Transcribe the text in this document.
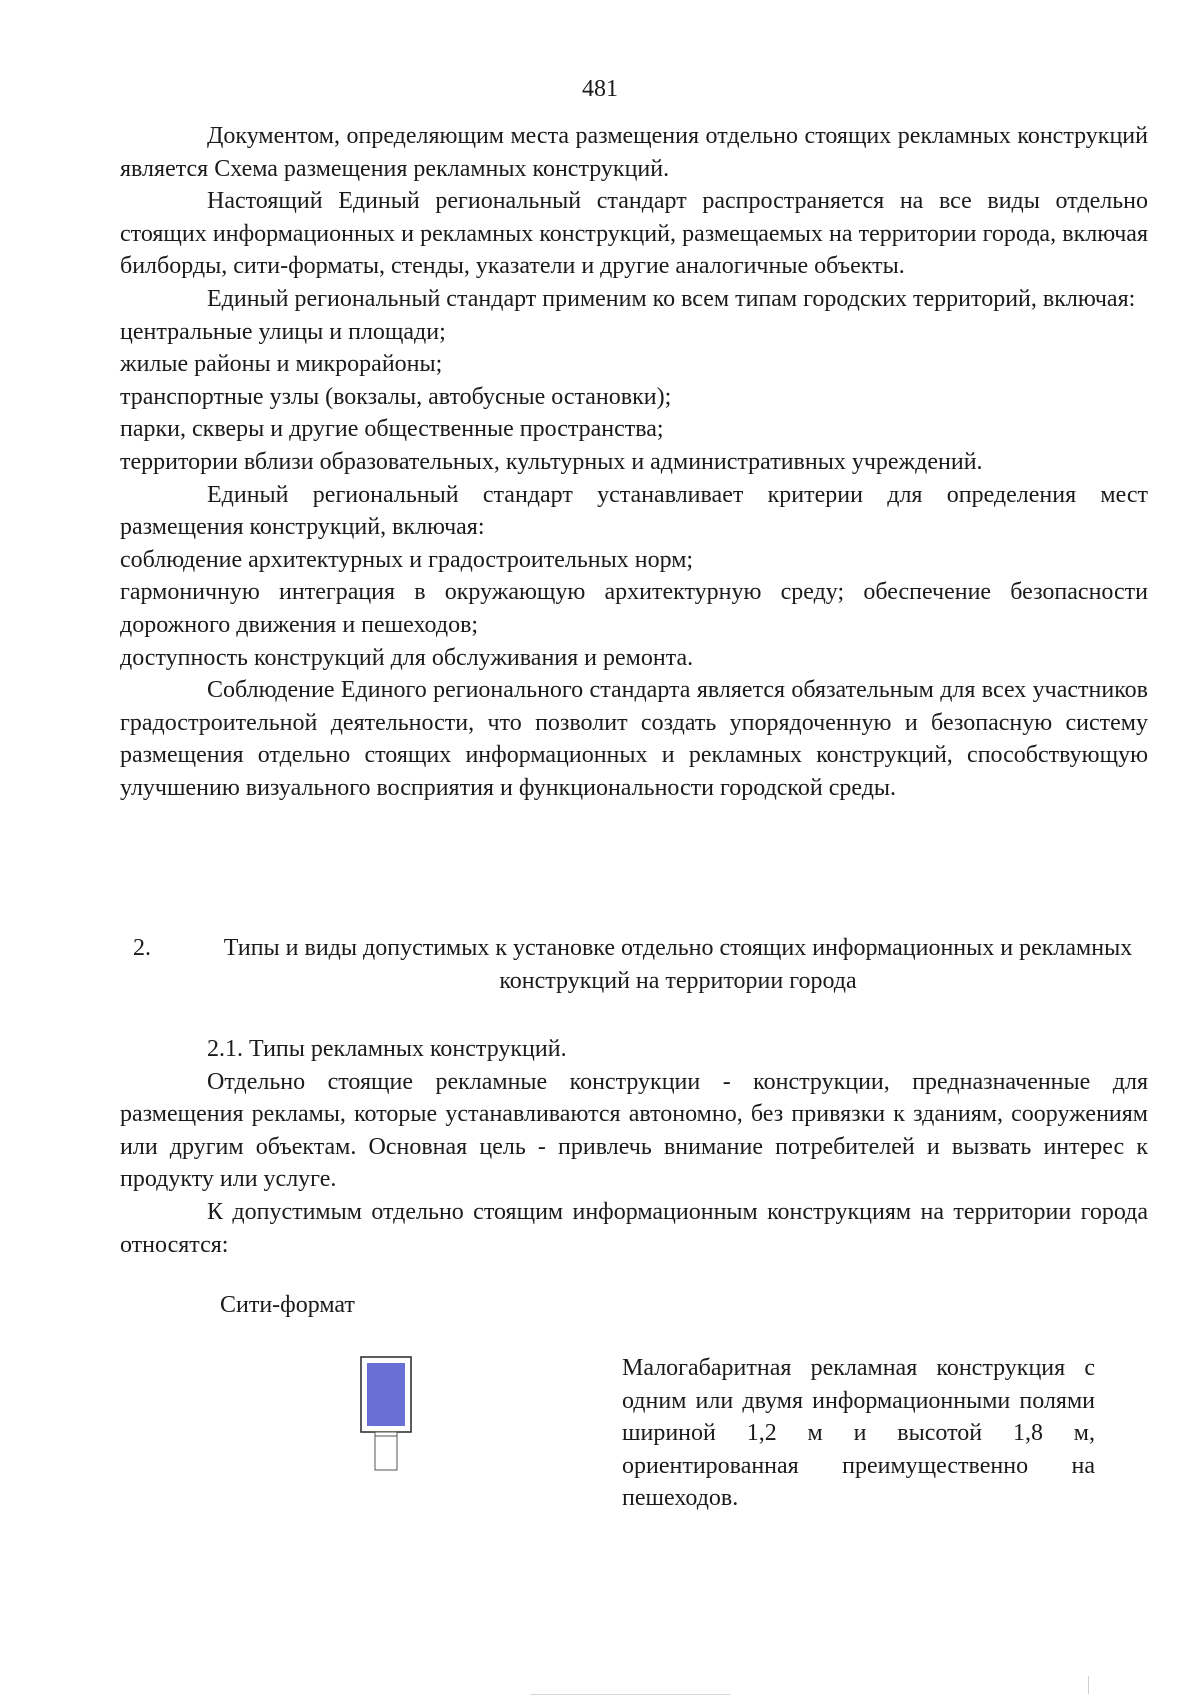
481

Документом, определяющим места размещения отдельно стоящих рекламных конструкций является Схема размещения рекламных конструкций.

Настоящий Единый региональный стандарт распространяется на все виды отдельно стоящих информационных и рекламных конструкций, размещаемых на территории города, включая билборды, сити-форматы, стенды, указатели и другие аналогичные объекты.

Единый региональный стандарт применим ко всем типам городских территорий, включая:

центральные улицы и площади;

жилые районы и микрорайоны;

транспортные узлы (вокзалы, автобусные остановки);

парки, скверы и другие общественные пространства;

территории вблизи образовательных, культурных и административных учреждений.

Единый региональный стандарт устанавливает критерии для определения мест размещения конструкций, включая:

соблюдение архитектурных и градостроительных норм;

гармоничную интеграция в окружающую архитектурную среду; обеспечение безопасности дорожного движения и пешеходов;

доступность конструкций для обслуживания и ремонта.

Соблюдение Единого регионального стандарта является обязательным для всех участников градостроительной деятельности, что позволит создать упорядоченную и безопасную систему размещения отдельно стоящих информационных и рекламных конструкций, способствующую улучшению визуального восприятия и функциональности городской среды.

2.	Типы и виды допустимых к установке отдельно стоящих информационных и рекламных конструкций на территории города

2.1. Типы рекламных конструкций.

Отдельно стоящие рекламные конструкции - конструкции, предназначенные для размещения рекламы, которые устанавливаются автономно, без привязки к зданиям, сооружениям или другим объектам. Основная цель - привлечь внимание потребителей и вызвать интерес к продукту или услуге.

К допустимым отдельно стоящим информационным конструкциям на территории города относятся:

Сити-формат

Малогабаритная рекламная конструкция с одним или двумя информационными полями шириной 1,2 м и высотой 1,8 м, ориентированная преимущественно на пешеходов.
